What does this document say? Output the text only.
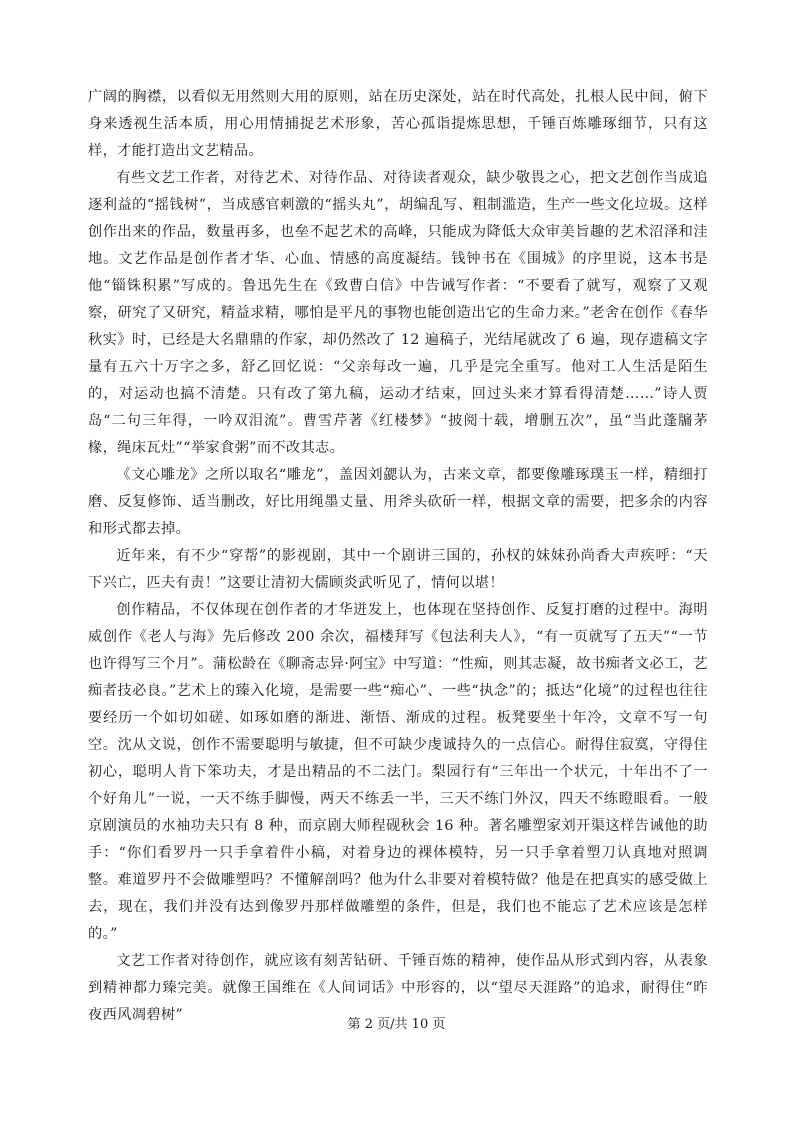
广阔的胸襟，以看似无用然则大用的原则，站在历史深处，站在时代高处，扎根人民中间，俯下身来透视生活本质，用心用情捕捉艺术形象，苦心孤诣提炼思想，千锤百炼雕琢细节，只有这样，才能打造出文艺精品。

有些文艺工作者，对待艺术、对待作品、对待读者观众，缺少敬畏之心，把文艺创作当成追逐利益的“摇钱树”，当成感官刺激的“摇头丸”，胡编乱写、粗制滥造，生产一些文化垃圾。这样创作出来的作品，数量再多，也垒不起艺术的高峰，只能成为降低大众审美旨趣的艺术沼泽和洼地。文艺作品是创作者才华、心血、情感的高度凝结。钱钟书在《围城》的序里说，这本书是他“锱铢积累”写成的。鲁迅先生在《致曹白信》中告诫写作者：“不要看了就写，观察了又观察，研究了又研究，精益求精，哪怕是平凡的事物也能创造出它的生命力来。”老舍在创作《春华秋实》时，已经是大名鼎鼎的作家，却仍然改了 12 遍稿子，光结尾就改了 6 遍，现存遗稿文字量有五六十万字之多，舒乙回忆说：“父亲每改一遍，几乎是完全重写。他对工人生活是陌生的，对运动也搞不清楚。只有改了第九稿，运动才结束，回过头来才算看得清楚……”诗人贾岛“二句三年得，一吟双泪流”。曹雪芹著《红楼梦》“披阅十载，增删五次”，虽“当此蓬牖茅椽，绳床瓦灶”“举家食粥”而不改其志。

《文心雕龙》之所以取名“雕龙”，盖因刘勰认为，古来文章，都要像雕琢璞玉一样，精细打磨、反复修饰、适当删改，好比用绳墨丈量、用斧头砍斫一样，根据文章的需要，把多余的内容和形式都去掉。

近年来，有不少“穿帮”的影视剧，其中一个剧讲三国的，孙权的妹妹孙尚香大声疾呼：“天下兴亡，匹夫有责！”这要让清初大儒顾炎武听见了，情何以堪！

创作精品，不仅体现在创作者的才华迸发上，也体现在坚持创作、反复打磨的过程中。海明威创作《老人与海》先后修改 200 余次，福楼拜写《包法利夫人》，“有一页就写了五天”“一节也许得写三个月”。蒲松龄在《聊斋志异·阿宝》中写道：“性痴，则其志凝，故书痴者文必工，艺痴者技必良。”艺术上的臻入化境，是需要一些“痴心”、一些“执念”的；抵达“化境”的过程也往往要经历一个如切如磋、如琢如磨的渐进、渐悟、渐成的过程。板凳要坐十年冷，文章不写一句空。沈从文说，创作不需要聪明与敏捷，但不可缺少虔诚持久的一点信心。耐得住寂寞，守得住初心，聪明人肯下笨功夫，才是出精品的不二法门。梨园行有“三年出一个状元，十年出不了一个好角儿”一说，一天不练手脚慢，两天不练丢一半，三天不练门外汉，四天不练瞪眼看。一般京剧演员的水袖功夫只有 8 种，而京剧大师程砚秋会 16 种。著名雕塑家刘开渠这样告诫他的助手：“你们看罗丹一只手拿着件小稿，对着身边的裸体模特，另一只手拿着塑刀认真地对照调整。难道罗丹不会做雕塑吗？不懂解剖吗？他为什么非要对着模特做？他是在把真实的感受做上去，现在，我们并没有达到像罗丹那样做雕塑的条件，但是，我们也不能忘了艺术应该是怎样的。”

文艺工作者对待创作，就应该有刻苦钻研、千锤百炼的精神，使作品从形式到内容，从表象到精神都力臻完美。就像王国维在《人间词话》中形容的，以“望尽天涯路”的追求，耐得住“昨夜西风凋碧树”

第 2 页/共 10 页
